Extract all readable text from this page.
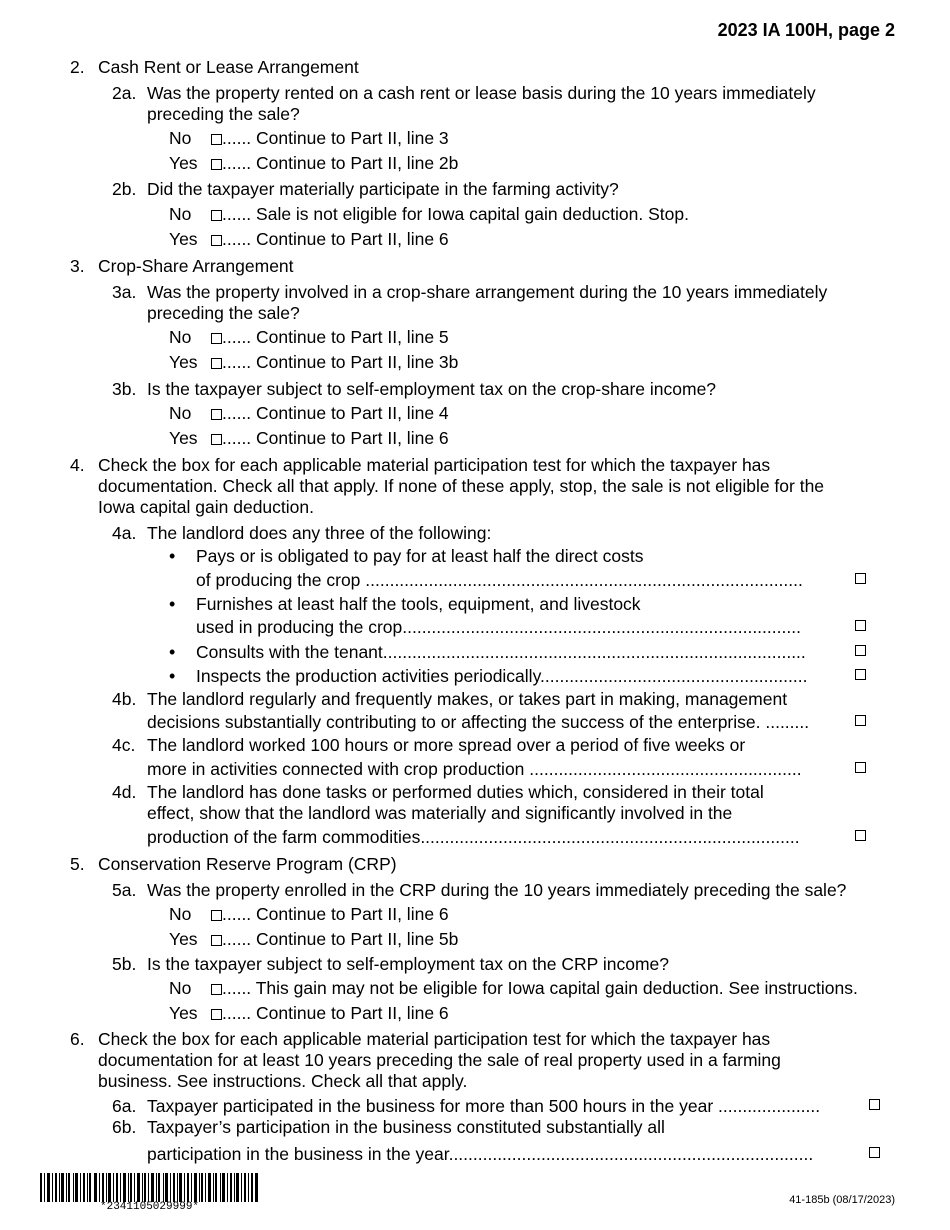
2023 IA 100H, page 2
2. Cash Rent or Lease Arrangement
2a. Was the property rented on a cash rent or lease basis during the 10 years immediately
preceding the sale?
No ...... Continue to Part II, line 3
Yes ...... Continue to Part II, line 2b
2b. Did the taxpayer materially participate in the farming activity?
No ...... Sale is not eligible for Iowa capital gain deduction. Stop.
Yes ...... Continue to Part II, line 6
3. Crop-Share Arrangement
3a. Was the property involved in a crop-share arrangement during the 10 years immediately
preceding the sale?
No ...... Continue to Part II, line 5
Yes ...... Continue to Part II, line 3b
3b. Is the taxpayer subject to self-employment tax on the crop-share income?
No ...... Continue to Part II, line 4
Yes ...... Continue to Part II, line 6
4. Check the box for each applicable material participation test for which the taxpayer has
documentation. Check all that apply. If none of these apply, stop, the sale is not eligible for the
Iowa capital gain deduction.
4a. The landlord does any three of the following:
• Pays or is obligated to pay for at least half the direct costs
of producing the crop ..........................................................................................
• Furnishes at least half the tools, equipment, and livestock
used in producing the crop..................................................................................
• Consults with the tenant.......................................................................................
• Inspects the production activities periodically.......................................................
4b. The landlord regularly and frequently makes, or takes part in making, management
decisions substantially contributing to or affecting the success of the enterprise. .........
4c. The landlord worked 100 hours or more spread over a period of five weeks or
more in activities connected with crop production ........................................................
4d. The landlord has done tasks or performed duties which, considered in their total
effect, show that the landlord was materially and significantly involved in the
production of the farm commodities..............................................................................
5. Conservation Reserve Program (CRP)
5a. Was the property enrolled in the CRP during the 10 years immediately preceding the sale?
No ...... Continue to Part II, line 6
Yes ...... Continue to Part II, line 5b
5b. Is the taxpayer subject to self-employment tax on the CRP income?
No ...... This gain may not be eligible for Iowa capital gain deduction. See instructions.
Yes ...... Continue to Part II, line 6
6. Check the box for each applicable material participation test for which the taxpayer has
documentation for at least 10 years preceding the sale of real property used in a farming
business. See instructions. Check all that apply.
6a. Taxpayer participated in the business for more than 500 hours in the year .....................
6b. Taxpayer’s participation in the business constituted substantially all
participation in the business in the year...........................................................................
*2341105029999*
41-185b (08/17/2023)
